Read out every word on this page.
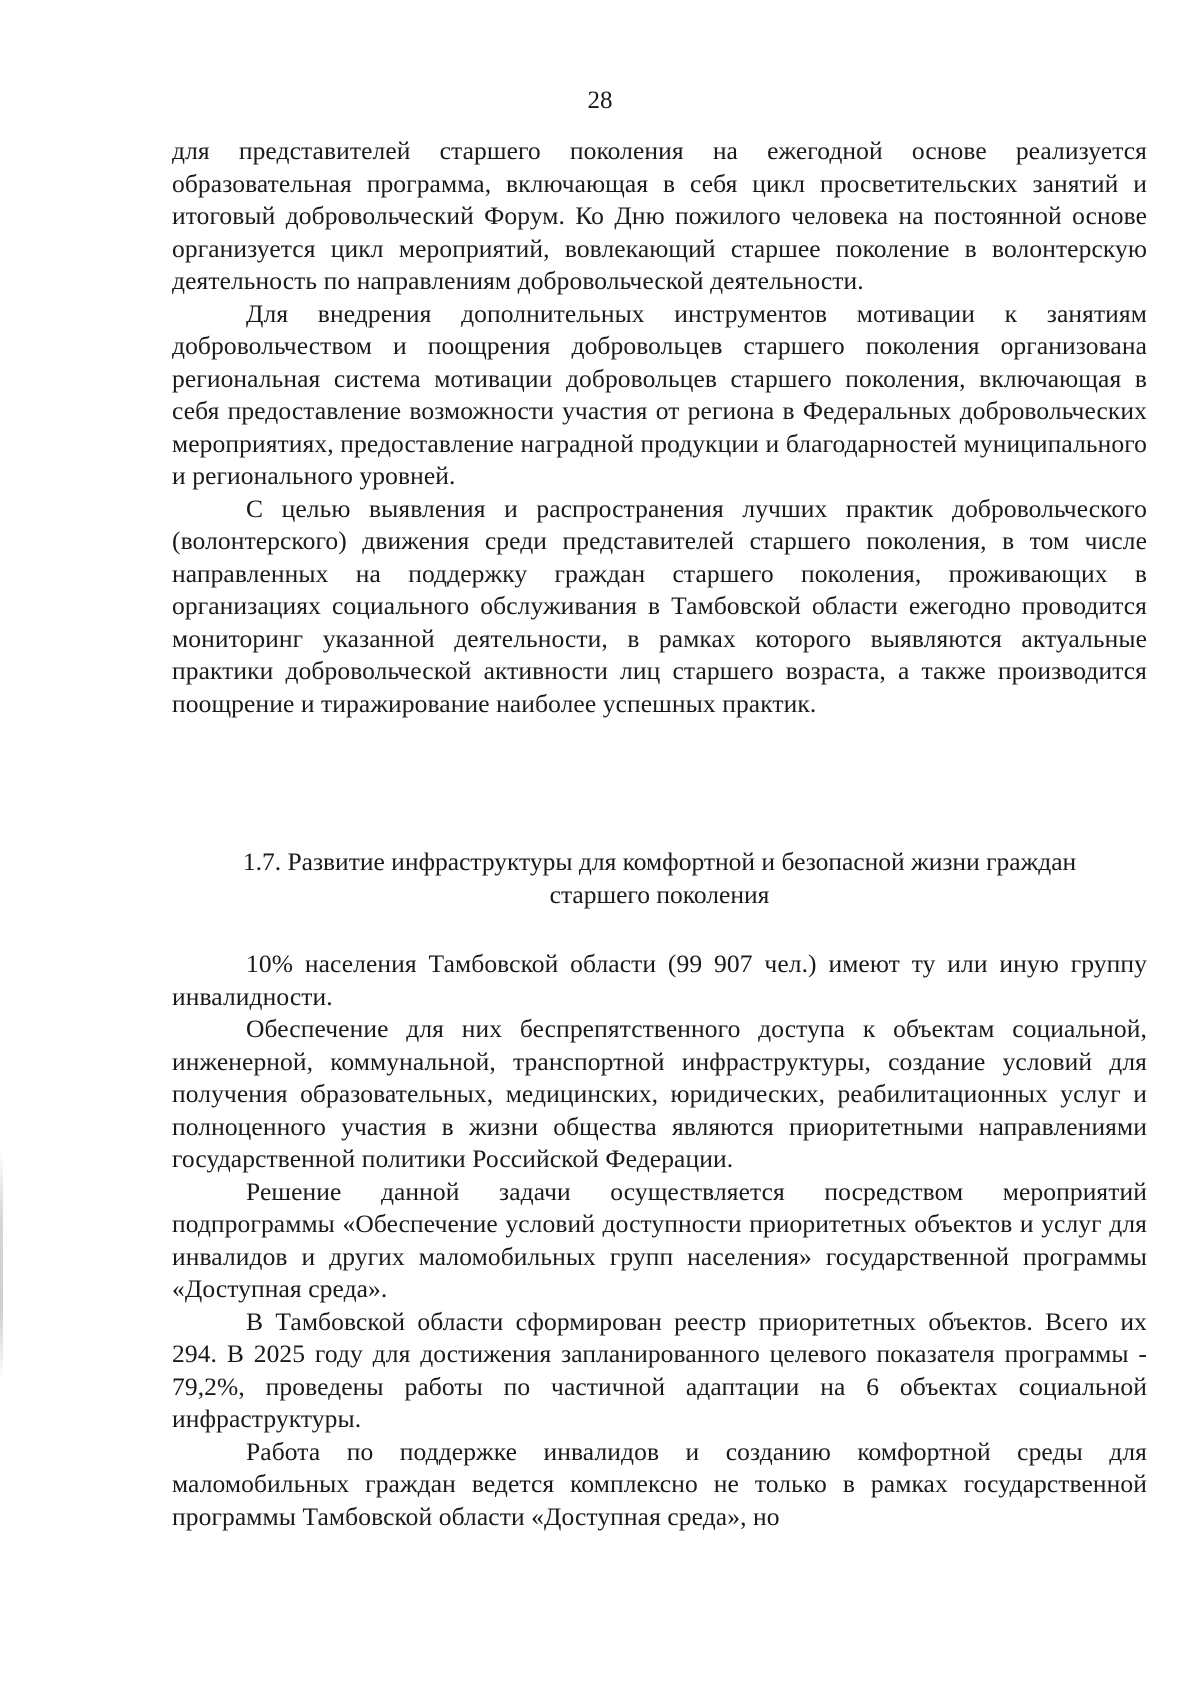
28

для представителей старшего поколения на ежегодной основе реализуется образовательная программа, включающая в себя цикл просветительских занятий и итоговый добровольческий Форум. Ко Дню пожилого человека на постоянной основе организуется цикл мероприятий, вовлекающий старшее поколение в волонтерскую деятельность по направлениям добровольческой деятельности.

Для внедрения дополнительных инструментов мотивации к занятиям добровольчеством и поощрения добровольцев старшего поколения организована региональная система мотивации добровольцев старшего поколения, включающая в себя предоставление возможности участия от региона в Федеральных добровольческих мероприятиях, предоставление наградной продукции и благодарностей муниципального и регионального уровней.

С целью выявления и распространения лучших практик добровольческого (волонтерского) движения среди представителей старшего поколения, в том числе направленных на поддержку граждан старшего поколения, проживающих в организациях социального обслуживания в Тамбовской области ежегодно проводится мониторинг указанной деятельности, в рамках которого выявляются актуальные практики добровольческой активности лиц старшего возраста, а также производится поощрение и тиражирование наиболее успешных практик.

1.7. Развитие инфраструктуры для комфортной и безопасной жизни граждан
старшего поколения

10% населения Тамбовской области (99 907 чел.) имеют ту или иную группу инвалидности.

Обеспечение для них беспрепятственного доступа к объектам социальной, инженерной, коммунальной, транспортной инфраструктуры, создание условий для получения образовательных, медицинских, юридических, реабилитационных услуг и полноценного участия в жизни общества являются приоритетными направлениями государственной политики Российской Федерации.

Решение данной задачи осуществляется посредством мероприятий подпрограммы «Обеспечение условий доступности приоритетных объектов и услуг для инвалидов и других маломобильных групп населения» государственной программы «Доступная среда».

В Тамбовской области сформирован реестр приоритетных объектов. Всего их 294. В 2025 году для достижения запланированного целевого показателя программы - 79,2%, проведены работы по частичной адаптации на 6 объектах социальной инфраструктуры.

Работа по поддержке инвалидов и созданию комфортной среды для маломобильных граждан ведется комплексно не только в рамках государственной программы Тамбовской области «Доступная среда», но
